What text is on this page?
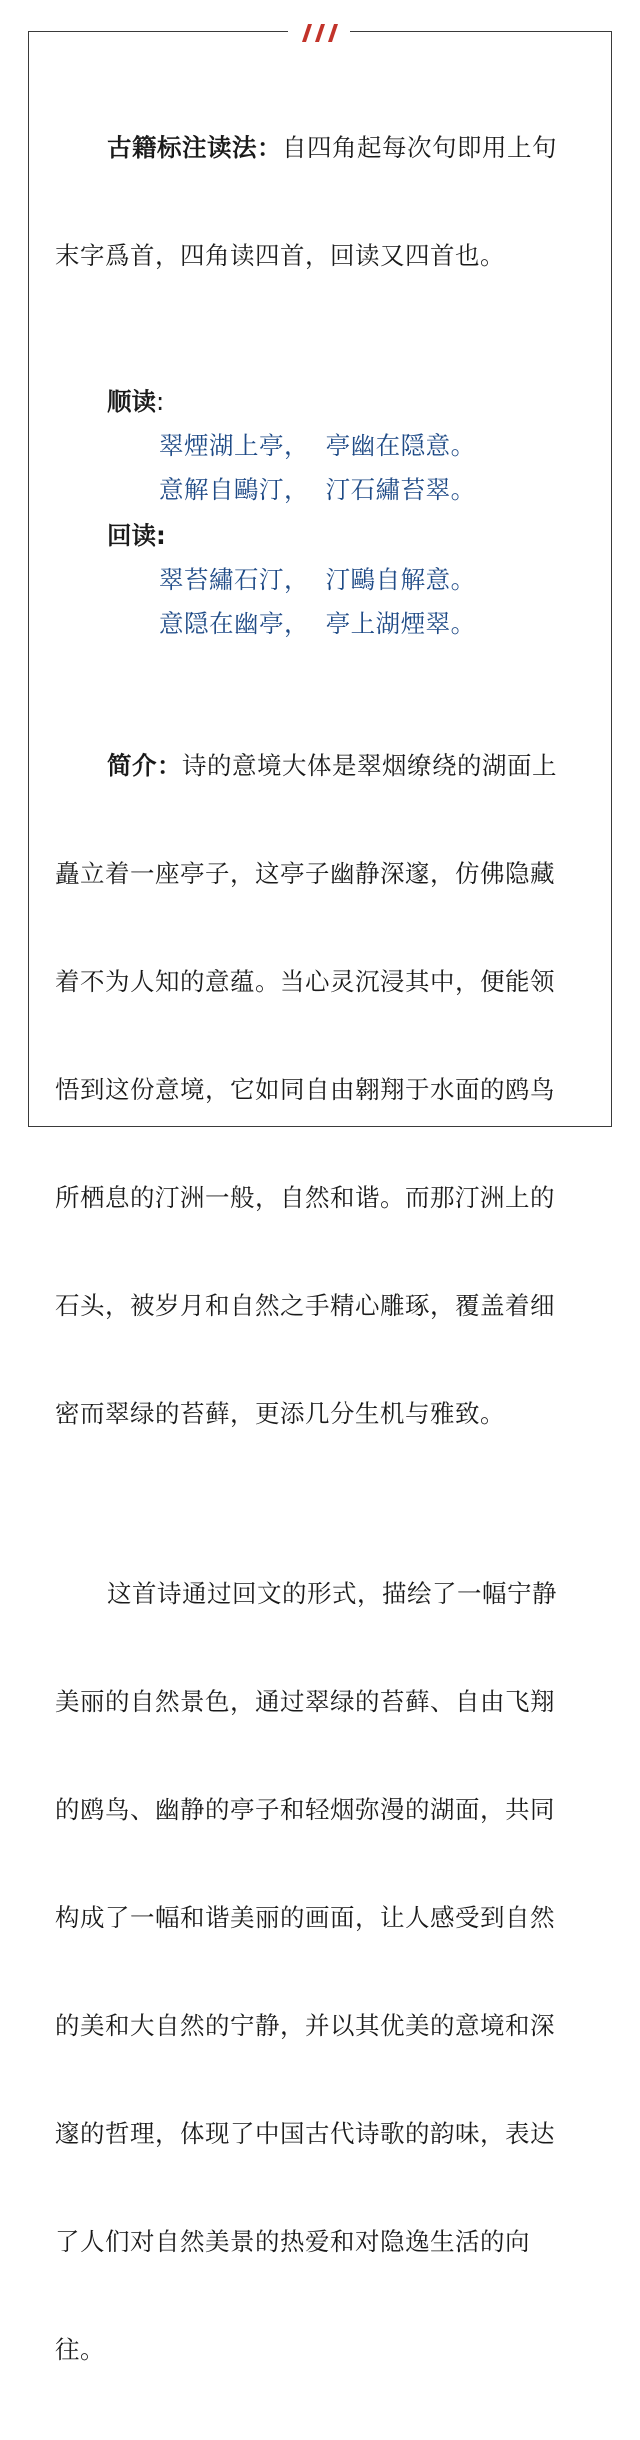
古籍标注读法：自四角起每次句即用上句

末字爲首，四角读四首，回读又四首也。

顺读:
翠煙湖上亭，  亭幽在隠意。
意解自鷗汀，  汀石繡苔翠。
回读:
翠苔繡石汀，  汀鷗自解意。
意隠在幽亭，  亭上湖煙翠。

简介：诗的意境大体是翠烟缭绕的湖面上

矗立着一座亭子，这亭子幽静深邃，仿佛隐藏

着不为人知的意蕴。当心灵沉浸其中，便能领

悟到这份意境，它如同自由翱翔于水面的鸥鸟

所栖息的汀洲一般，自然和谐。而那汀洲上的

石头，被岁月和自然之手精心雕琢，覆盖着细

密而翠绿的苔藓，更添几分生机与雅致。

这首诗通过回文的形式，描绘了一幅宁静

美丽的自然景色，通过翠绿的苔藓、自由飞翔

的鸥鸟、幽静的亭子和轻烟弥漫的湖面，共同

构成了一幅和谐美丽的画面，让人感受到自然

的美和大自然的宁静，并以其优美的意境和深

邃的哲理，体现了中国古代诗歌的韵味，表达

了人们对自然美景的热爱和对隐逸生活的向

往。
